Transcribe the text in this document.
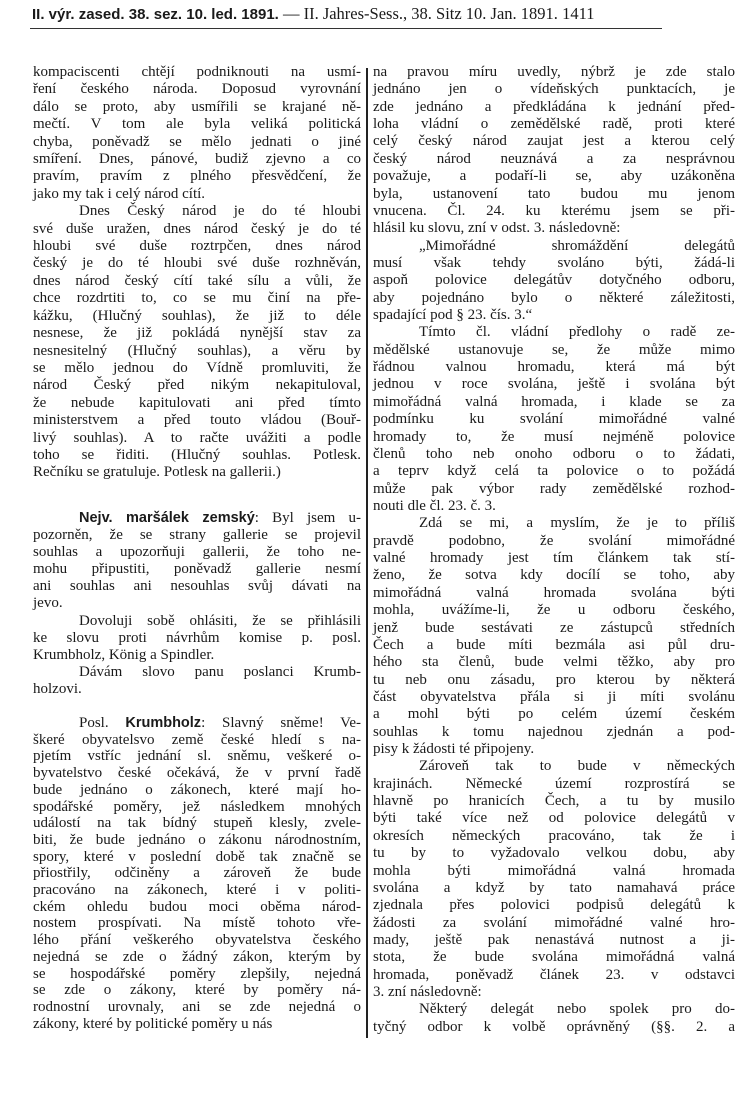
II. výr. zased. 38. sez. 10. led. 1891. — II. Jahres-Sess., 38. Sitz 10. Jan. 1891. 1411
kompaciscenti chtějí podniknouti na usmí-
ření českého národa. Doposud vyrovnání
dálo se proto, aby usmířili se krajané ně-
mečtí. V tom ale byla veliká politická
chyba, poněvadž se mělo jednati o jiné
smíření. Dnes, pánové, budiž zjevno a co
pravím, pravím z plného přesvědčení, že
jako my tak i celý národ cítí.
Dnes Český národ je do té hloubi
své duše uražen, dnes národ český je do té
hloubi své duše roztrpčen, dnes národ
český je do té hloubi své duše rozhněván,
dnes národ český cítí také sílu a vůli, že
chce rozdrtiti to, co se mu činí na pře-
kážku, (Hlučný souhlas), že již to déle
nesnese, že již pokládá nynější stav za
nesnesitelný (Hlučný souhlas), a věru by
se mělo jednou do Vídně promluviti, že
národ Český před nikým nekapituloval,
že nebude kapitulovati ani před tímto
ministerstvem a před touto vládou (Bouř-
livý souhlas). A to račte uvážiti a podle
toho se řiditi. (Hlučný souhlas. Potlesk.
Rečníku se gratuluje. Potlesk na gallerii.)
Nejv. maršálek zemský: Byl jsem u-
pozorněn, že se strany gallerie se projevil
souhlas a upozorňuji gallerii, že toho ne-
mohu připustiti, poněvadž gallerie nesmí
ani souhlas ani nesouhlas svůj dávati na
jevo.
Dovoluji sobě ohlásiti, že se přihlásili
ke slovu proti návrhům komise p. posl.
Krumbholz, König a Spindler.
Dávám slovo panu poslanci Krumb-
holzovi.
Posl. Krumbholz: Slavný sněme! Ve-
škeré obyvatelsvo země české hledí s na-
pjetím vstříc jednání sl. sněmu, veškeré o-
byvatelstvo české očekává, že v první řadě
bude jednáno o zákonech, které mají ho-
spodářské poměry, jež následkem mnohých
událostí na tak bídný stupeň klesly, zvele-
biti, že bude jednáno o zákonu národnostním,
spory, které v poslední době tak značně se
přiostřily, odčiněny a zároveň že bude
pracováno na zákonech, které i v politi-
ckém ohledu budou moci oběma národ-
nostem prospívati. Na místě tohoto vře-
lého přání veškerého obyvatelstva českého
nejedná se zde o žádný zákon, kterým by
se hospodářské poměry zlepšily, nejedná
se zde o zákony, které by poměry ná-
rodnostní urovnaly, ani se zde nejedná o
zákony, které by politické poměry u nás
na pravou míru uvedly, nýbrž je zde stalo
jednáno jen o vídeňských punktacích, je
zde jednáno a předkládána k jednání před-
loha vládní o zemědělské radě, proti které
celý český národ zaujat jest a kterou celý
český národ neuznává a za nesprávnou
považuje, a podaří-li se, aby uzákoněna
byla, ustanovení tato budou mu jenom
vnucena. Čl. 24. ku kterému jsem se při-
hlásil ku slovu, zní v odst. 3. následovně:
„Mimořádné shromáždění delegátů
musí však tehdy svoláno býti, žádá-li
aspoň polovice delegátův dotyčného odboru,
aby pojednáno bylo o některé záležitosti,
spadající pod § 23. čís. 3.“
Tímto čl. vládní předlohy o radě ze-
mědělské ustanovuje se, že může mimo
řádnou valnou hromadu, která má být
jednou v roce svolána, ještě i svolána být
mimořádná valná hromada, i klade se za
podmínku ku svolání mimořádné valné
hromady to, že musí nejméně polovice
členů toho neb onoho odboru o to žádati,
a teprv když celá ta polovice o to požádá
může pak výbor rady zemědělské rozhod-
nouti dle čl. 23. č. 3.
Zdá se mi, a myslím, že je to příliš
pravdě podobno, že svolání mimořádné
valné hromady jest tím článkem tak stí-
ženo, že sotva kdy docílí se toho, aby
mimořádná valná hromada svolána býti
mohla, uvážíme-li, že u odboru českého,
jenž bude sestávati ze zástupců středních
Čech a bude míti bezmála asi půl dru-
hého sta členů, bude velmi těžko, aby pro
tu neb onu zásadu, pro kterou by některá
část obyvatelstva přála si ji míti svolánu
a mohl býti po celém území českém
souhlas k tomu najednou zjednán a pod-
pisy k žádosti té připojeny.
Zároveň tak to bude v německých
krajinách. Německé území rozprostírá se
hlavně po hranicích Čech, a tu by musilo
býti také více než od polovice delegátů v
okresích německých pracováno, tak že i
tu by to vyžadovalo velkou dobu, aby
mohla býti mimořádná valná hromada
svolána a když by tato namahavá práce
zjednala přes polovici podpisů delegátů k
žádosti za svolání mimořádné valné hro-
mady, ještě pak nenastává nutnost a ji-
stota, že bude svolána mimořádná valná
hromada, poněvadž článek 23. v odstavci
3. zní následovně:
Některý delegát nebo spolek pro do-
tyčný odbor k volbě oprávněný (§§. 2. a
